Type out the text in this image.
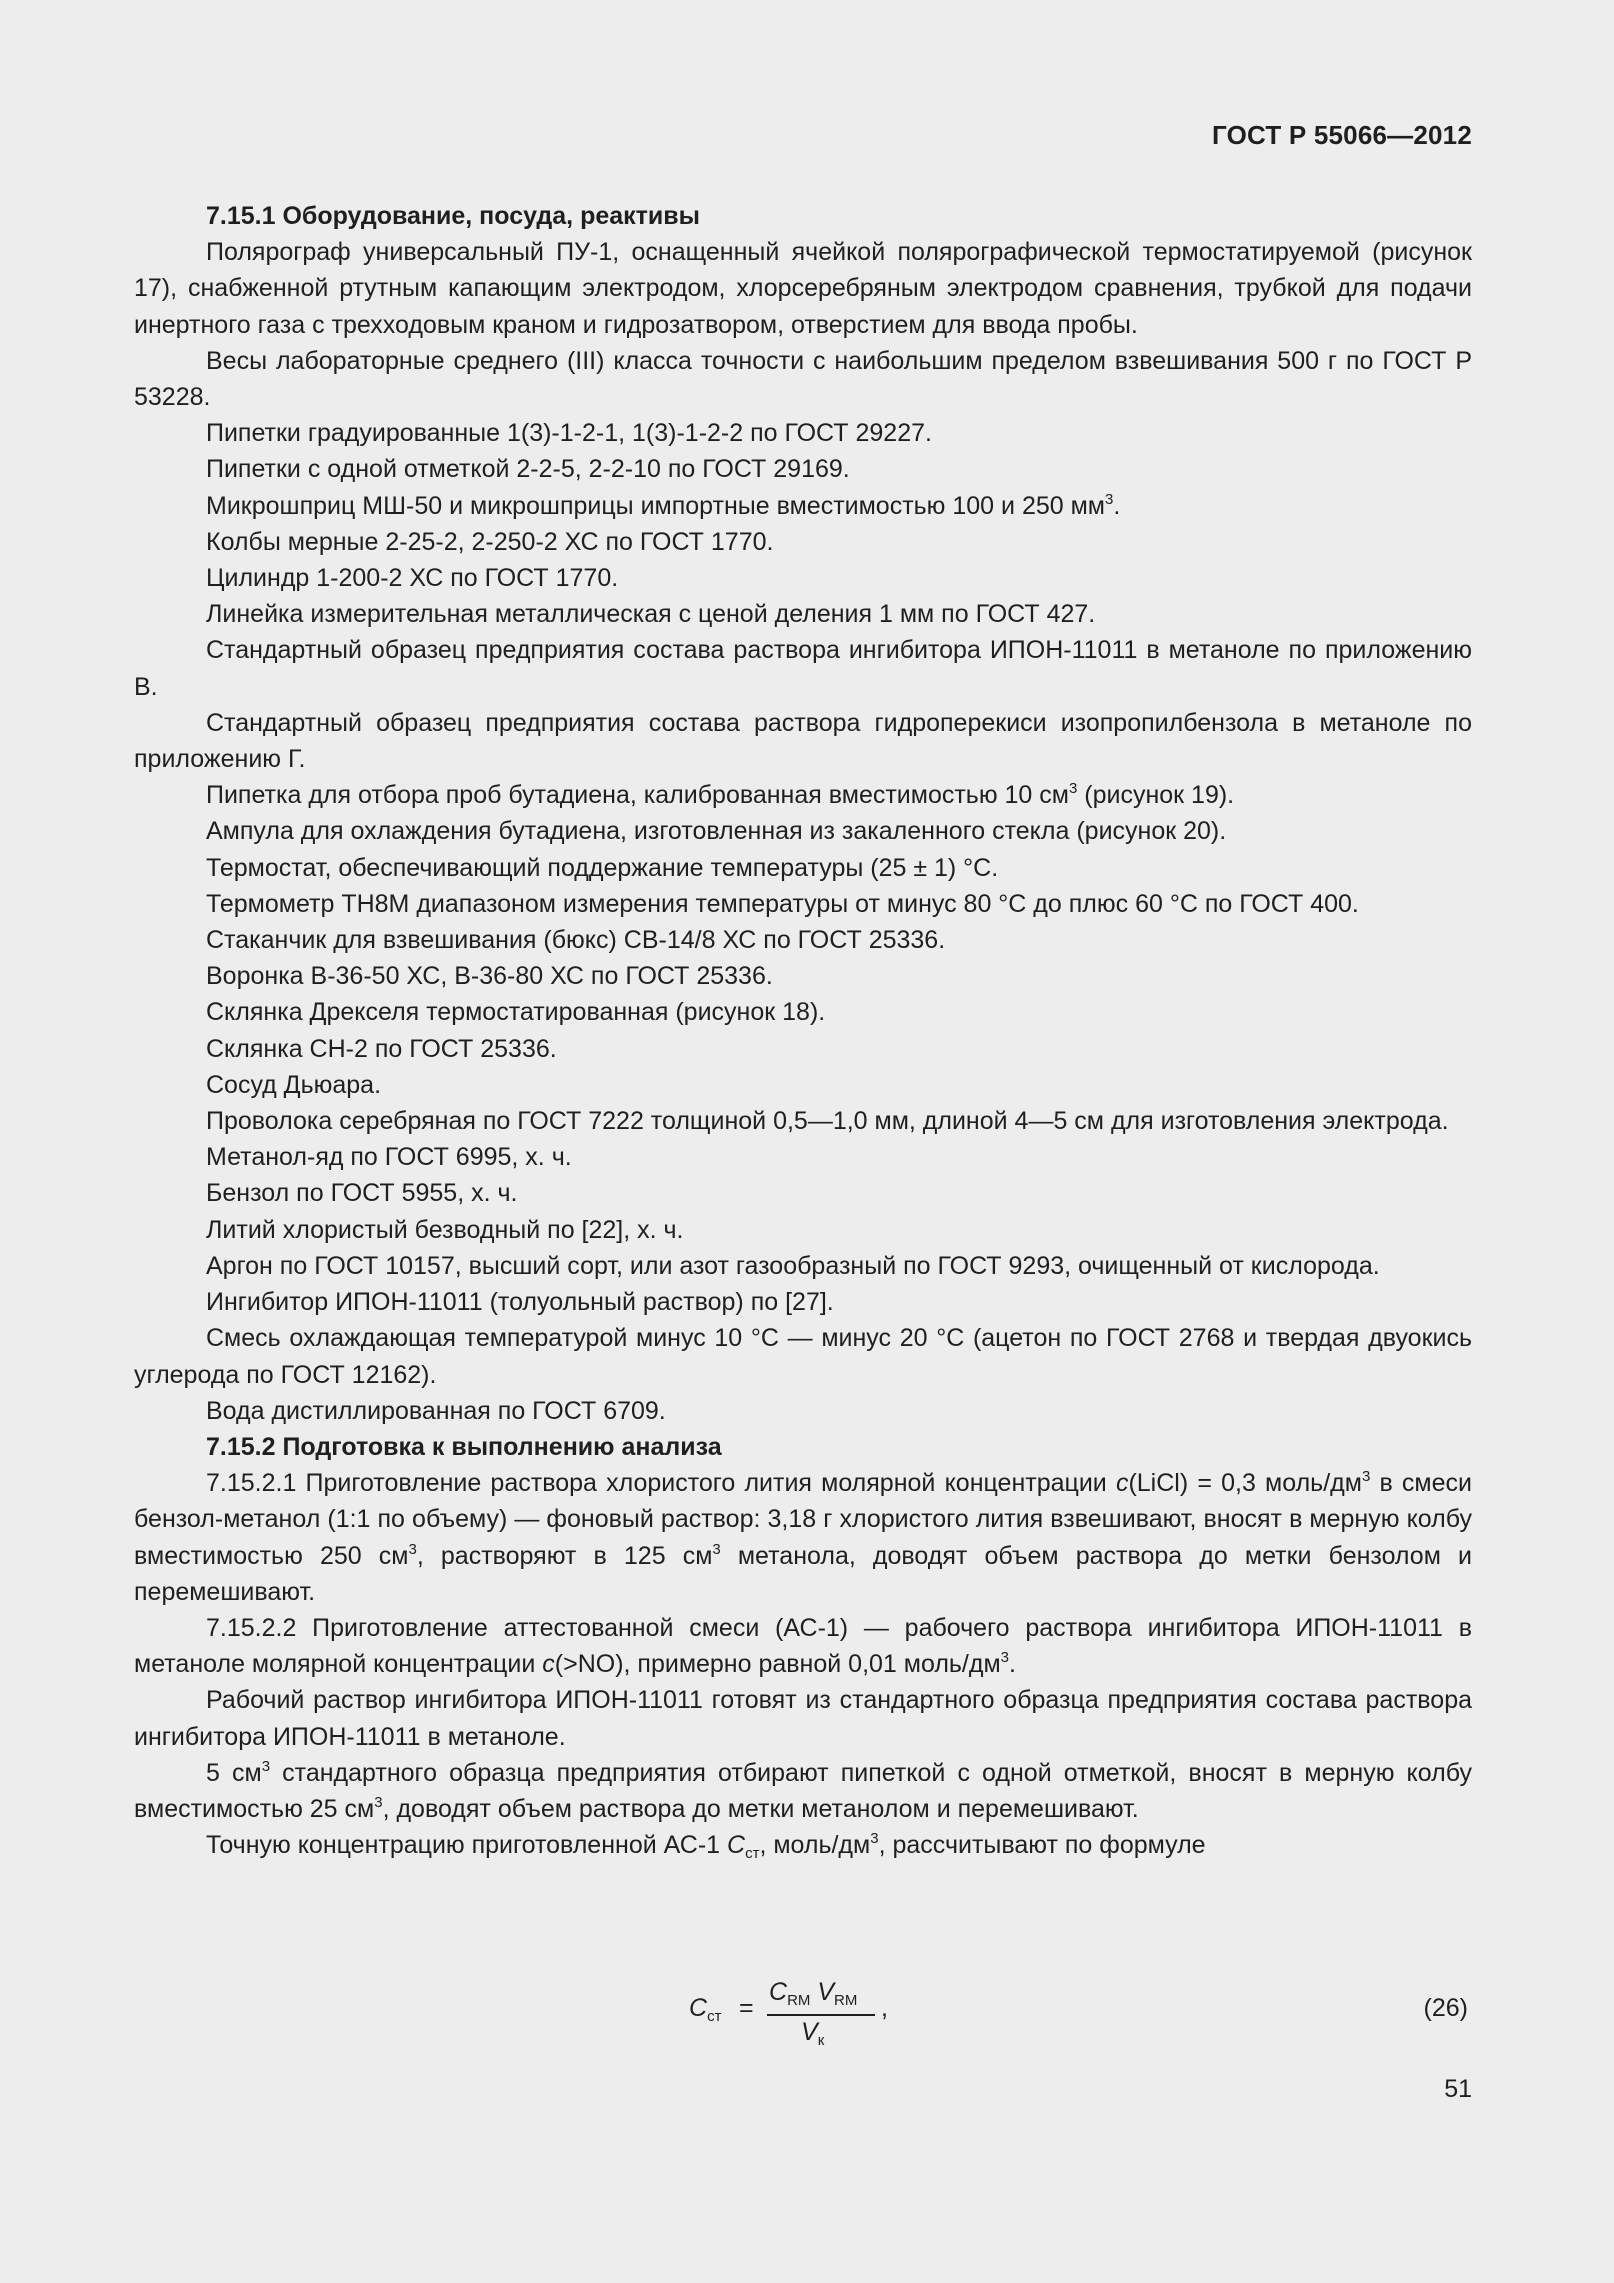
ГОСТ Р 55066—2012

7.15.1 Оборудование, посуда, реактивы

Полярограф универсальный ПУ-1, оснащенный ячейкой полярографической термостатируемой (рисунок 17), снабженной ртутным капающим электродом, хлорсеребряным электродом сравнения, трубкой для подачи инертного газа с трехходовым краном и гидрозатвором, отверстием для ввода пробы.

Весы лабораторные среднего (III) класса точности с наибольшим пределом взвешивания 500 г по ГОСТ Р 53228.

Пипетки градуированные 1(3)-1-2-1, 1(3)-1-2-2 по ГОСТ 29227.

Пипетки с одной отметкой 2-2-5, 2-2-10 по ГОСТ 29169.

Микрошприц МШ-50 и микрошприцы импортные вместимостью 100 и 250 $мм^3$.

Колбы мерные 2-25-2, 2-250-2 ХС по ГОСТ 1770.

Цилиндр 1-200-2 ХС по ГОСТ 1770.

Линейка измерительная металлическая с ценой деления 1 мм по ГОСТ 427.

Стандартный образец предприятия состава раствора ингибитора ИПОН-11011 в метаноле по приложению В.

Стандартный образец предприятия состава раствора гидроперекиси изопропилбензола в метаноле по приложению Г.

Пипетка для отбора проб бутадиена, калиброванная вместимостью 10 $см^3$ (рисунок 19).

Ампула для охлаждения бутадиена, изготовленная из закаленного стекла (рисунок 20).

Термостат, обеспечивающий поддержание температуры (25 ± 1) °С.

Термометр ТН8М диапазоном измерения температуры от минус 80 °С до плюс 60 °С по ГОСТ 400.

Стаканчик для взвешивания (бюкс) СВ-14/8 ХС по ГОСТ 25336.

Воронка В-36-50 ХС, В-36-80 ХС по ГОСТ 25336.

Склянка Дрекселя термостатированная (рисунок 18).

Склянка СН-2 по ГОСТ 25336.

Сосуд Дьюара.

Проволока серебряная по ГОСТ 7222 толщиной 0,5—1,0 мм, длиной 4—5 см для изготовления электрода.

Метанол-яд по ГОСТ 6995, х. ч.

Бензол по ГОСТ 5955, х. ч.

Литий хлористый безводный по [22], х. ч.

Аргон по ГОСТ 10157, высший сорт, или азот газообразный по ГОСТ 9293, очищенный от кислорода.

Ингибитор ИПОН-11011 (толуольный раствор) по [27].

Смесь охлаждающая температурой минус 10 °С — минус 20 °С (ацетон по ГОСТ 2768 и твердая двуокись углерода по ГОСТ 12162).

Вода дистиллированная по ГОСТ 6709.

7.15.2 Подготовка к выполнению анализа

7.15.2.1 Приготовление раствора хлористого лития молярной концентрации c(LiCl) = 0,3 моль/$дм^3$ в смеси бензол-метанол (1:1 по объему) — фоновый раствор: 3,18 г хлористого лития взвешивают, вносят в мерную колбу вместимостью 250 $см^3$, растворяют в 125 $см^3$ метанола, доводят объем раствора до метки бензолом и перемешивают.

7.15.2.2 Приготовление аттестованной смеси (АС-1) — рабочего раствора ингибитора ИПОН-11011 в метаноле молярной концентрации c(>NO), примерно равной 0,01 моль/$дм^3$.

Рабочий раствор ингибитора ИПОН-11011 готовят из стандартного образца предприятия состава раствора ингибитора ИПОН-11011 в метаноле.

5 $см^3$ стандартного образца предприятия отбирают пипеткой с одной отметкой, вносят в мерную колбу вместимостью 25 $см^3$, доводят объем раствора до метки метанолом и перемешивают.

Точную концентрацию приготовленной АС-1 $C_{ст}$, моль/$дм^3$, рассчитывают по формуле

$C_{ст}$ =
$C_{RM}$ $V_{RM}$
$V_к$
,	(26)
51
